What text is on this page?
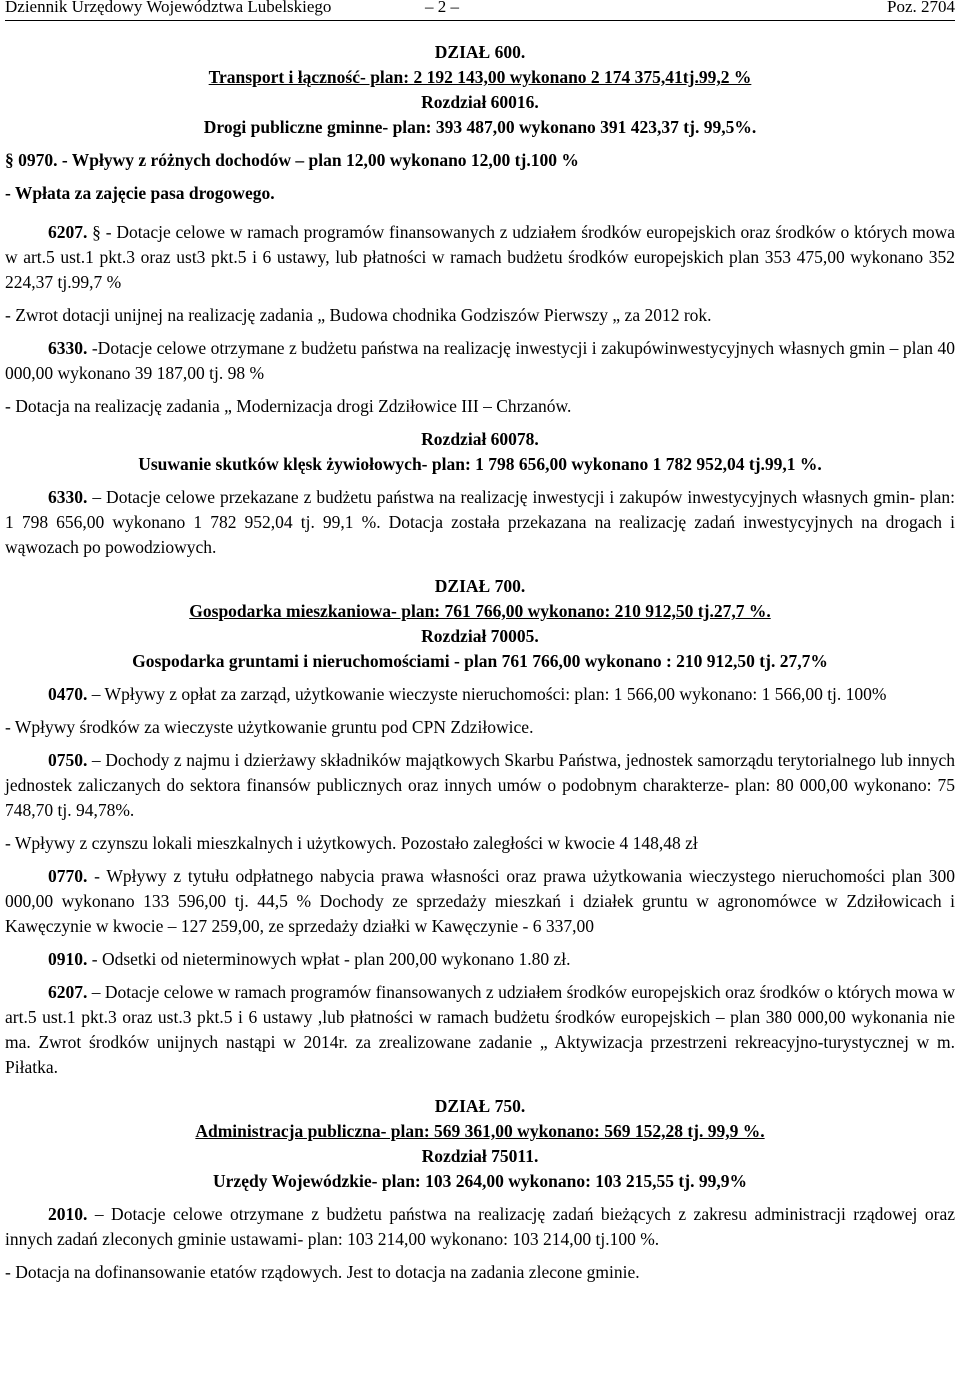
Dziennik Urzędowy Województwa Lubelskiego	– 2 –	Poz. 2704
DZIAŁ 600.
Transport i łączność- plan: 2 192 143,00 wykonano 2 174 375,41tj.99,2 %
Rozdział 60016.
Drogi publiczne gminne- plan: 393 487,00 wykonano 391 423,37 tj. 99,5%.
§ 0970. - Wpływy z różnych dochodów – plan 12,00 wykonano 12,00 tj.100 %
- Wpłata za zajęcie pasa drogowego.

6207. § - Dotacje celowe w ramach programów finansowanych z udziałem środków europejskich oraz środków o których mowa w art.5 ust.1 pkt.3 oraz ust3 pkt.5 i 6 ustawy, lub płatności w ramach budżetu środków europejskich plan 353 475,00 wykonano 352 224,37 tj.99,7 %

- Zwrot dotacji unijnej na realizację zadania „ Budowa chodnika Godziszów Pierwszy „ za 2012 rok.

6330. -Dotacje celowe otrzymane z budżetu państwa na realizację inwestycji i zakupówinwestycyjnych własnych gmin – plan 40 000,00 wykonano 39 187,00 tj. 98 %

- Dotacja na realizację zadania „ Modernizacja drogi Zdziłowice III – Chrzanów.
Rozdział 60078.
Usuwanie skutków klęsk żywiołowych- plan: 1 798 656,00 wykonano 1 782 952,04 tj.99,1 %.

6330. – Dotacje celowe przekazane z budżetu państwa na realizację inwestycji i zakupów inwestycyjnych własnych gmin- plan: 1 798 656,00 wykonano 1 782 952,04 tj. 99,1 %. Dotacja została przekazana na realizację zadań inwestycyjnych na drogach i wąwozach po powodziowych.

DZIAŁ 700.
Gospodarka mieszkaniowa- plan: 761 766,00 wykonano: 210 912,50 tj.27,7 %.
Rozdział 70005.
Gospodarka gruntami i nieruchomościami - plan 761 766,00 wykonano : 210 912,50 tj. 27,7%

0470. – Wpływy z opłat za zarząd, użytkowanie wieczyste nieruchomości: plan: 1 566,00 wykonano: 1 566,00 tj. 100%

- Wpływy środków za wieczyste użytkowanie gruntu pod CPN Zdziłowice.

0750. – Dochody z najmu i dzierżawy składników majątkowych Skarbu Państwa, jednostek samorządu terytorialnego lub innych jednostek zaliczanych do sektora finansów publicznych oraz innych umów o podobnym charakterze- plan: 80 000,00 wykonano: 75 748,70 tj. 94,78%.

- Wpływy z czynszu lokali mieszkalnych i użytkowych. Pozostało zaległości w kwocie 4 148,48 zł

0770. - Wpływy z tytułu odpłatnego nabycia prawa własności oraz prawa użytkowania wieczystego nieruchomości plan 300 000,00 wykonano 133 596,00 tj. 44,5 % Dochody ze sprzedaży mieszkań i działek gruntu w agronomówce w Zdziłowicach i Kawęczynie w kwocie – 127 259,00, ze sprzedaży działki w Kawęczynie - 6 337,00

0910. - Odsetki od nieterminowych wpłat - plan 200,00 wykonano 1.80 zł.

6207. – Dotacje celowe w ramach programów finansowanych z udziałem środków europejskich oraz środków o których mowa w art.5 ust.1 pkt.3 oraz ust.3 pkt.5 i 6 ustawy ,lub płatności w ramach budżetu środków europejskich – plan 380 000,00 wykonania nie ma. Zwrot środków unijnych nastąpi w 2014r. za zrealizowane zadanie „ Aktywizacja przestrzeni rekreacyjno-turystycznej w m. Piłatka.

DZIAŁ 750.
Administracja publiczna- plan: 569 361,00 wykonano: 569 152,28 tj. 99,9 %.
Rozdział 75011.
Urzędy Wojewódzkie- plan: 103 264,00 wykonano: 103 215,55 tj. 99,9%

2010. – Dotacje celowe otrzymane z budżetu państwa na realizację zadań bieżących z zakresu administracji rządowej oraz innych zadań zleconych gminie ustawami- plan: 103 214,00 wykonano: 103 214,00 tj.100 %.

- Dotacja na dofinansowanie etatów rządowych. Jest to dotacja na zadania zlecone gminie.
